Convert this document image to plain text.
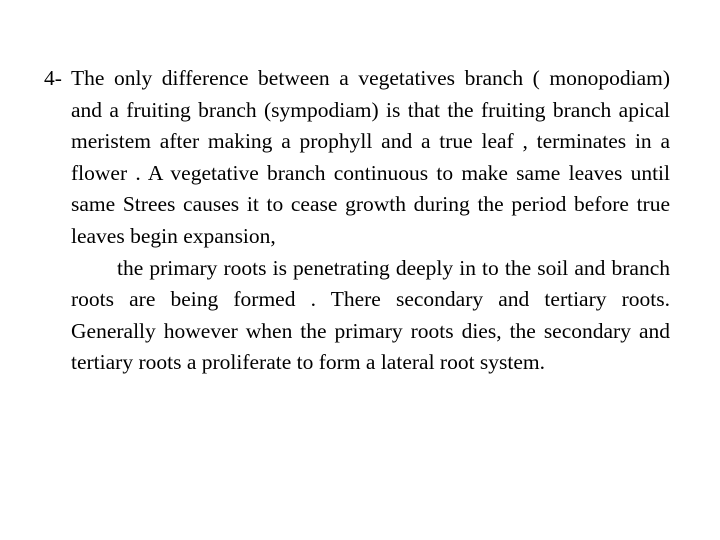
4- The only difference between a vegetatives branch ( monopodiam) and a fruiting branch (sympodiam) is that the fruiting branch apical meristem after making a prophyll and a true leaf , terminates in a flower . A vegetative branch continuous to make same leaves until same Strees causes it to cease growth during the period before true leaves begin expansion,

the primary roots is penetrating deeply in to the soil and branch roots are being formed . There secondary and tertiary roots. Generally however when the primary roots dies, the secondary and tertiary roots a proliferate to form a lateral root system.
